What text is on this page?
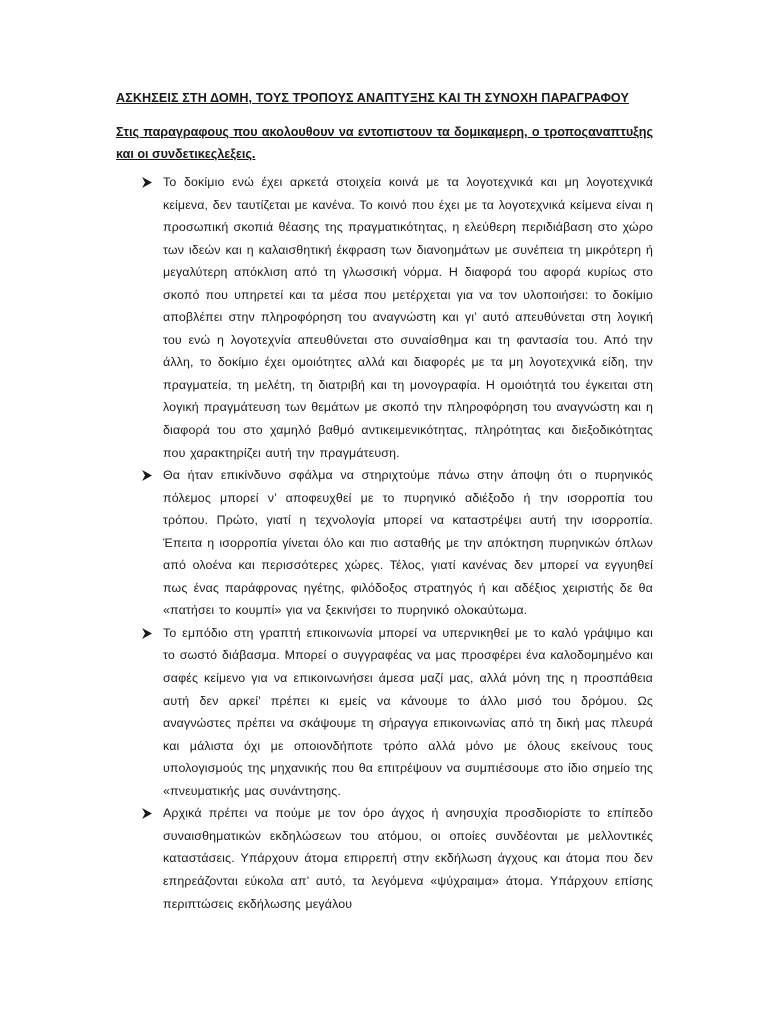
ΑΣΚΗΣΕΙΣ ΣΤΗ ΔΟΜΗ, ΤΟΥΣ ΤΡΟΠΟΥΣ ΑΝΑΠΤΥΞΗΣ ΚΑΙ ΤΗ ΣΥΝΟΧΗ ΠΑΡΑΓΡΑΦΟΥ

Στις παραγραφους που ακολουθουν να εντοπιστουν τα δομικαμερη, ο τροποςαναπτυξης και οι συνδετικεςλεξεις.

Το δοκίμιο ενώ έχει αρκετά στοιχεία κοινά με τα λογοτεχνικά και μη λογοτεχνικά κείμενα, δεν ταυτίζεται με κανένα. Το κοινό που έχει με τα λογοτεχνικά κείμενα είναι η προσωπική σκοπιά θέασης της πραγματικότητας, η ελεύθερη περιδιάβαση στο χώρο των ιδεών και η καλαισθητική έκφραση των διανοημάτων με συνέπεια τη μικρότερη ή μεγαλύτερη απόκλιση από τη γλωσσική νόρμα. Η διαφορά του αφορά κυρίως στο σκοπό που υπηρετεί και τα μέσα που μετέρχεται για να τον υλοποιήσει: το δοκίμιο αποβλέπει στην πληροφόρηση του αναγνώστη και γι’ αυτό απευθύνεται στη λογική του ενώ η λογοτεχνία απευθύνεται στο συναίσθημα και τη φαντασία του. Από την άλλη, το δοκίμιο έχει ομοιότητες αλλά και διαφορές με τα μη λογοτεχνικά είδη, την πραγματεία, τη μελέτη, τη διατριβή και τη μονογραφία. Η ομοιότητά του έγκειται στη λογική πραγμάτευση των θεμάτων με σκοπό την πληροφόρηση του αναγνώστη και η διαφορά του στο χαμηλό βαθμό αντικειμενικότητας, πληρότητας και διεξοδικότητας που χαρακτηρίζει αυτή την πραγμάτευση.
Θα ήταν επικίνδυνο σφάλμα να στηριχτούμε πάνω στην άποψη ότι ο πυρηνικός πόλεμος μπορεί ν’ αποφευχθεί με το πυρηνικό αδιέξοδο ή την ισορροπία του τρόπου. Πρώτο, γιατί η τεχνολογία μπορεί να καταστρέψει αυτή την ισορροπία. Έπειτα η ισορροπία γίνεται όλο και πιο ασταθής με την απόκτηση πυρηνικών όπλων από ολοένα και περισσότερες χώρες. Τέλος, γιατί κανένας δεν μπορεί να εγγυηθεί πως ένας παράφρονας ηγέτης, φιλόδοξος στρατηγός ή και αδέξιος χειριστής δε θα «πατήσει το κουμπί» για να ξεκινήσει το πυρηνικό ολοκαύτωμα.
Το εμπόδιο στη γραπτή επικοινωνία μπορεί να υπερνικηθεί με το καλό γράψιμο και το σωστό διάβασμα. Μπορεί ο συγγραφέας να μας προσφέρει ένα καλοδομημένο και σαφές κείμενο για να επικοινωνήσει άμεσα μαζί μας, αλλά μόνη της η προσπάθεια αυτή δεν αρκεί’ πρέπει κι εμείς να κάνουμε το άλλο μισό του δρόμου. Ως αναγνώστες πρέπει να σκάψουμε τη σήραγγα επικοινωνίας από τη δική μας πλευρά και μάλιστα όχι με οποιονδήποτε τρόπο αλλά μόνο με όλους εκείνους τους υπολογισμούς της μηχανικής που θα επιτρέψουν να συμπιέσουμε στο ίδιο σημείο της «πνευματικής μας συνάντησης.
Αρχικά πρέπει να πούμε με τον όρο άγχος ή ανησυχία προσδιορίστε το επίπεδο συναισθηματικών εκδηλώσεων του ατόμου, οι οποίες συνδέονται με μελλοντικές καταστάσεις. Υπάρχουν άτομα επιρρεπή στην εκδήλωση άγχους και άτομα που δεν επηρεάζονται εύκολα απ’ αυτό, τα λεγόμενα «ψύχραιμα» άτομα. Υπάρχουν επίσης περιπτώσεις εκδήλωσης μεγάλου
